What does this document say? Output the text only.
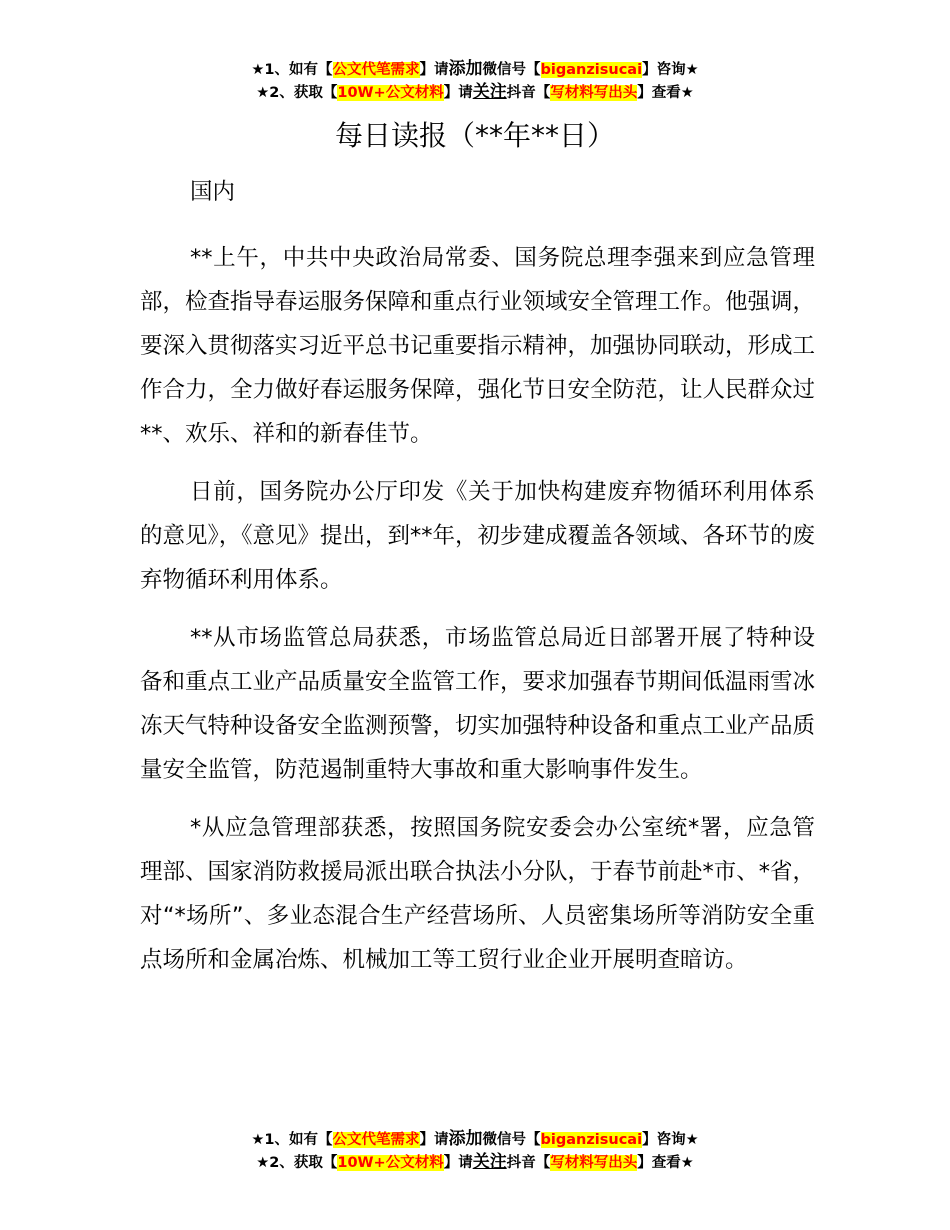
★1、如有【公文代笔需求】请添加微信号【biganzisucai】咨询★
★2、获取【10W+公文材料】请关注抖音【写材料写出头】查看★
每日读报（**年**日）

国内

**上午，中共中央政治局常委、国务院总理李强来到应急管理部，检查指导春运服务保障和重点行业领域安全管理工作。他强调，要深入贯彻落实习近平总书记重要指示精神，加强协同联动，形成工作合力，全力做好春运服务保障，强化节日安全防范，让人民群众过**、欢乐、祥和的新春佳节。

日前，国务院办公厅印发《关于加快构建废弃物循环利用体系的意见》，《意见》提出，到**年，初步建成覆盖各领域、各环节的废弃物循环利用体系。

**从市场监管总局获悉，市场监管总局近日部署开展了特种设备和重点工业产品质量安全监管工作，要求加强春节期间低温雨雪冰冻天气特种设备安全监测预警，切实加强特种设备和重点工业产品质量安全监管，防范遏制重特大事故和重大影响事件发生。

*从应急管理部获悉，按照国务院安委会办公室统*署，应急管理部、国家消防救援局派出联合执法小分队，于春节前赴*市、*省，对“*场所”、多业态混合生产经营场所、人员密集场所等消防安全重点场所和金属冶炼、机械加工等工贸行业企业开展明查暗访。

★1、如有【公文代笔需求】请添加微信号【biganzisucai】咨询★
★2、获取【10W+公文材料】请关注抖音【写材料写出头】查看★
